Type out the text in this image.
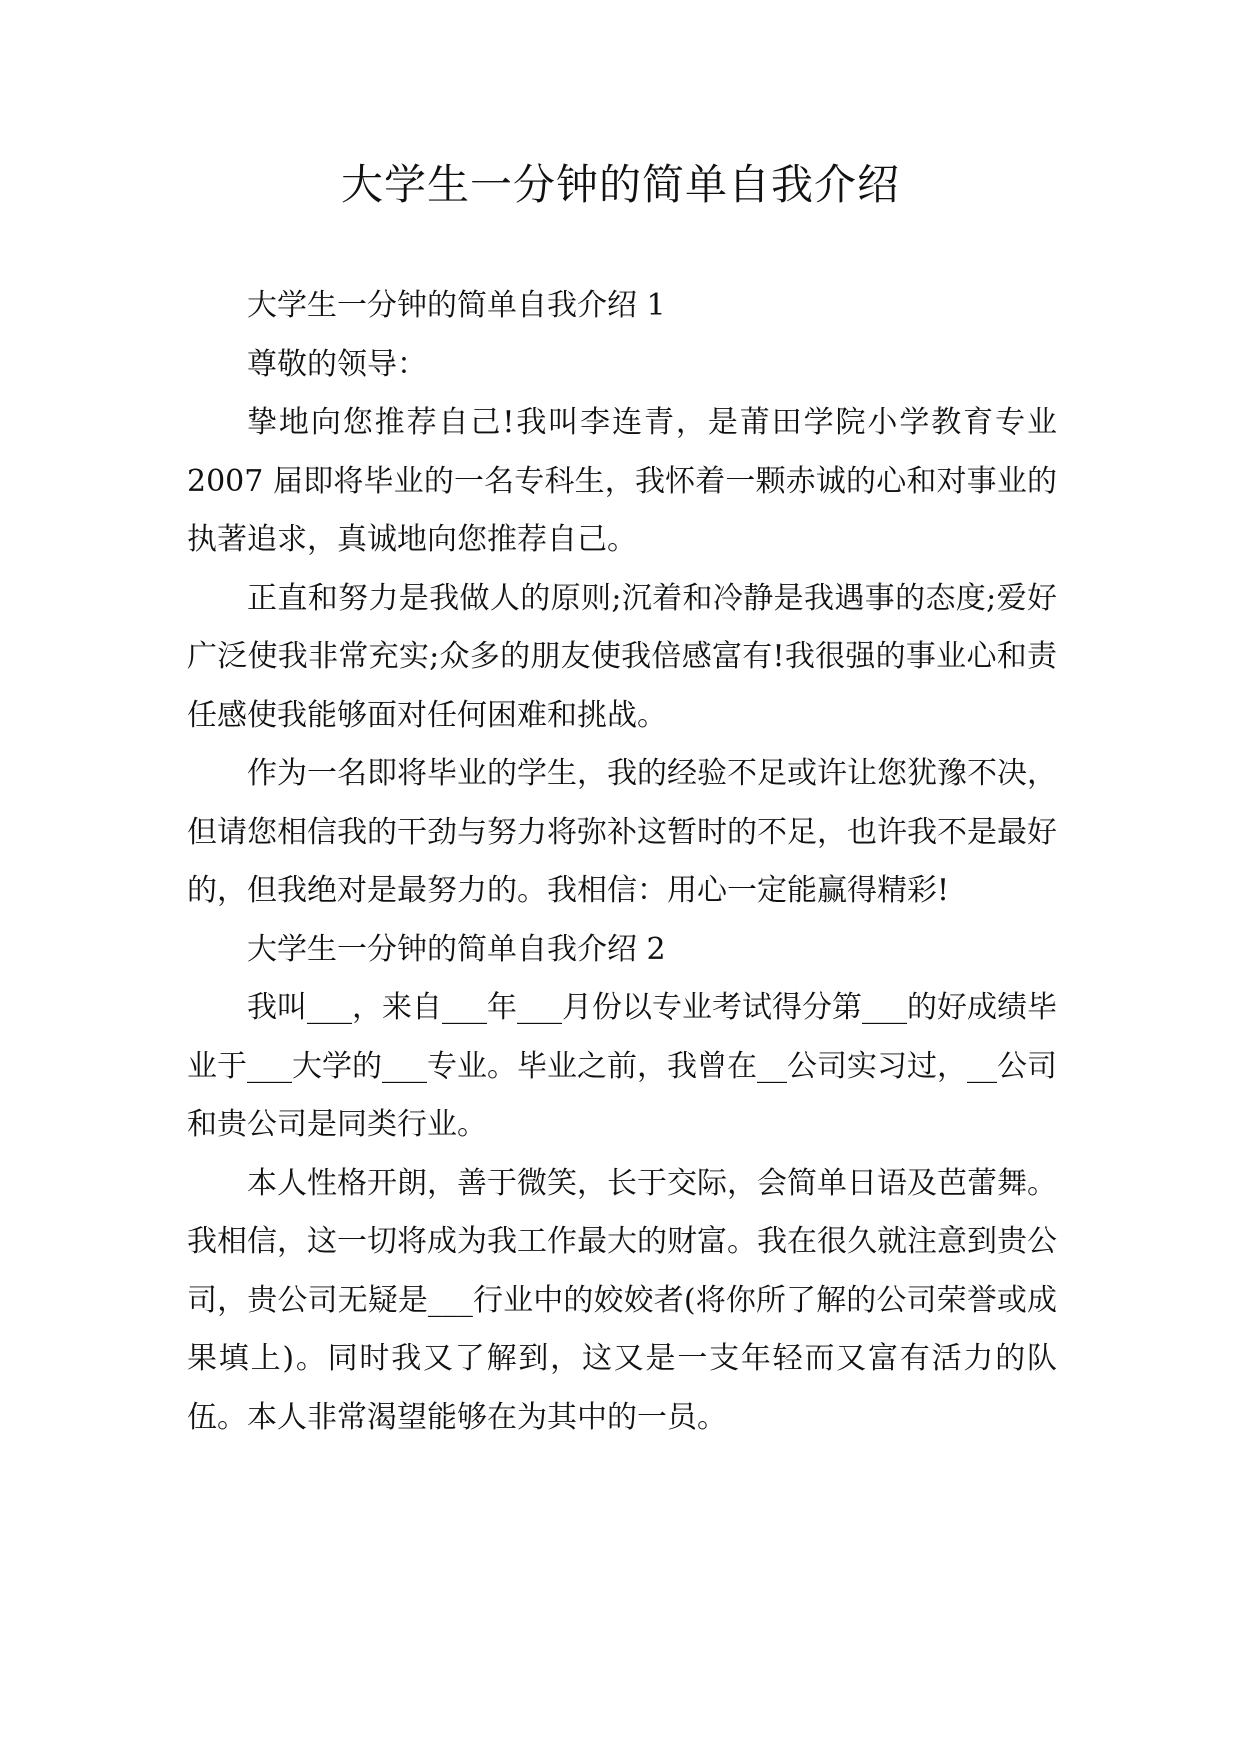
大学生一分钟的简单自我介绍

大学生一分钟的简单自我介绍 1

尊敬的领导：

挚地向您推荐自己!我叫李连青，是莆田学院小学教育专业 2007 届即将毕业的一名专科生，我怀着一颗赤诚的心和对事业的执著追求，真诚地向您推荐自己。

正直和努力是我做人的原则;沉着和冷静是我遇事的态度;爱好广泛使我非常充实;众多的朋友使我倍感富有!我很强的事业心和责任感使我能够面对任何困难和挑战。

作为一名即将毕业的学生，我的经验不足或许让您犹豫不决，但请您相信我的干劲与努力将弥补这暂时的不足，也许我不是最好的，但我绝对是最努力的。我相信：用心一定能赢得精彩!

大学生一分钟的简单自我介绍 2

我叫___，来自___年___月份以专业考试得分第___的好成绩毕业于___大学的___专业。毕业之前，我曾在__公司实习过，__公司和贵公司是同类行业。

本人性格开朗，善于微笑，长于交际，会简单日语及芭蕾舞。我相信，这一切将成为我工作最大的财富。我在很久就注意到贵公司，贵公司无疑是___行业中的姣姣者(将你所了解的公司荣誉或成果填上)。同时我又了解到，这又是一支年轻而又富有活力的队伍。本人非常渴望能够在为其中的一员。
